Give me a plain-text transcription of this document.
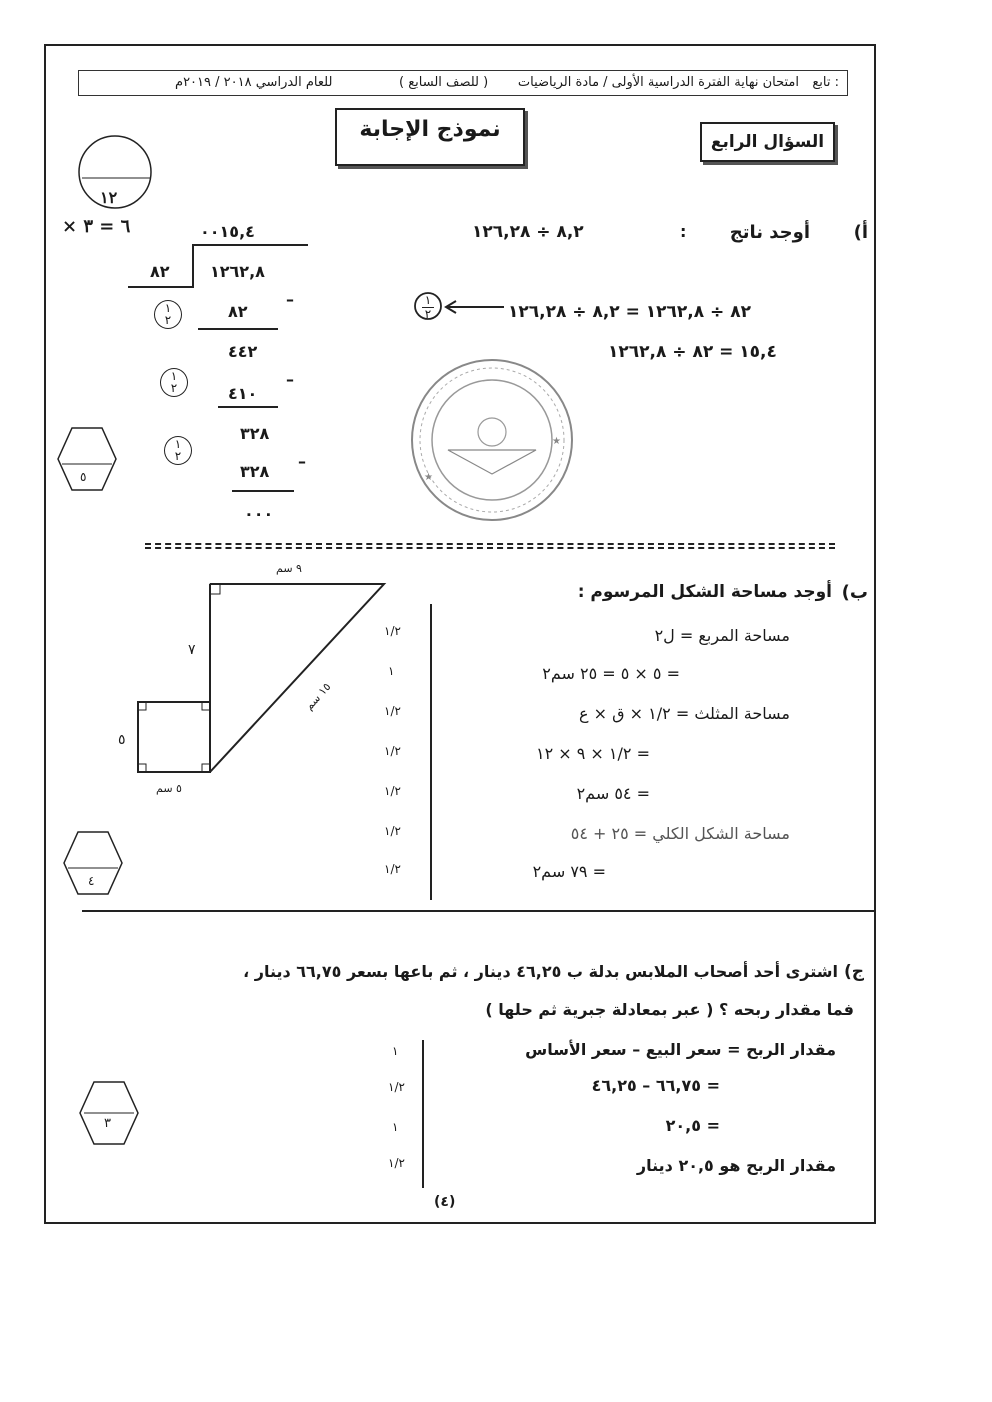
تابع :
امتحان نهاية الفترة الدراسية الأولى / مادة الرياضيات
( للصف السابع )
للعام الدراسي ٢٠١٨ / ٢٠١٩م
نموذج الإجابة	السؤال الرابع
١٢
× ٦ = ٣	أ)
أوجد ناتج
:
٨,٢ ÷ ١٢٦,٢٨
٨٢ ÷ ١٢٦٢,٨ = ٨,٢ ÷ ١٢٦,٢٨
١٥,٤ = ٨٢ ÷ ١٢٦٢,٨
١
٢
٠٠١٥,٤
٨٢	١٢٦٢,٨
٨٢
–
٤٤٢
٤١٠
–
٣٢٨
٣٢٨
–
٠٠٠
١
٢
١
٢
١
٢
٥	★
★
ب)
أوجد مساحة الشكل المرسوم :
مساحة المربع = ل٢
= ٥ × ٥ = ٢٥ سم٢
مساحة المثلث = ١/٢ × ق × ع
= ١/٢ × ٩ × ١٢
= ٥٤ سم٢
مساحة الشكل الكلي = ٢٥ + ٥٤
= ٧٩ سم٢
١/٢
١
١/٢
١/٢
١/٢
١/٢
١/٢
٩ سم
٧
١٥ سم
٥
٥ سم
٤
ج)
اشترى أحد أصحاب الملابس بدلة ب ٤٦,٢٥ دينار ، ثم باعها بسعر ٦٦,٧٥ دينار ،
فما مقدار ربحه ؟ ( عبر بمعادلة جبرية ثم حلها )
مقدار الربح = سعر البيع – سعر الأساس
= ٦٦,٧٥ – ٤٦,٢٥
= ٢٠,٥
مقدار الربح هو ٢٠,٥ دينار
١
١/٢
١
١/٢
٣
(٤)
